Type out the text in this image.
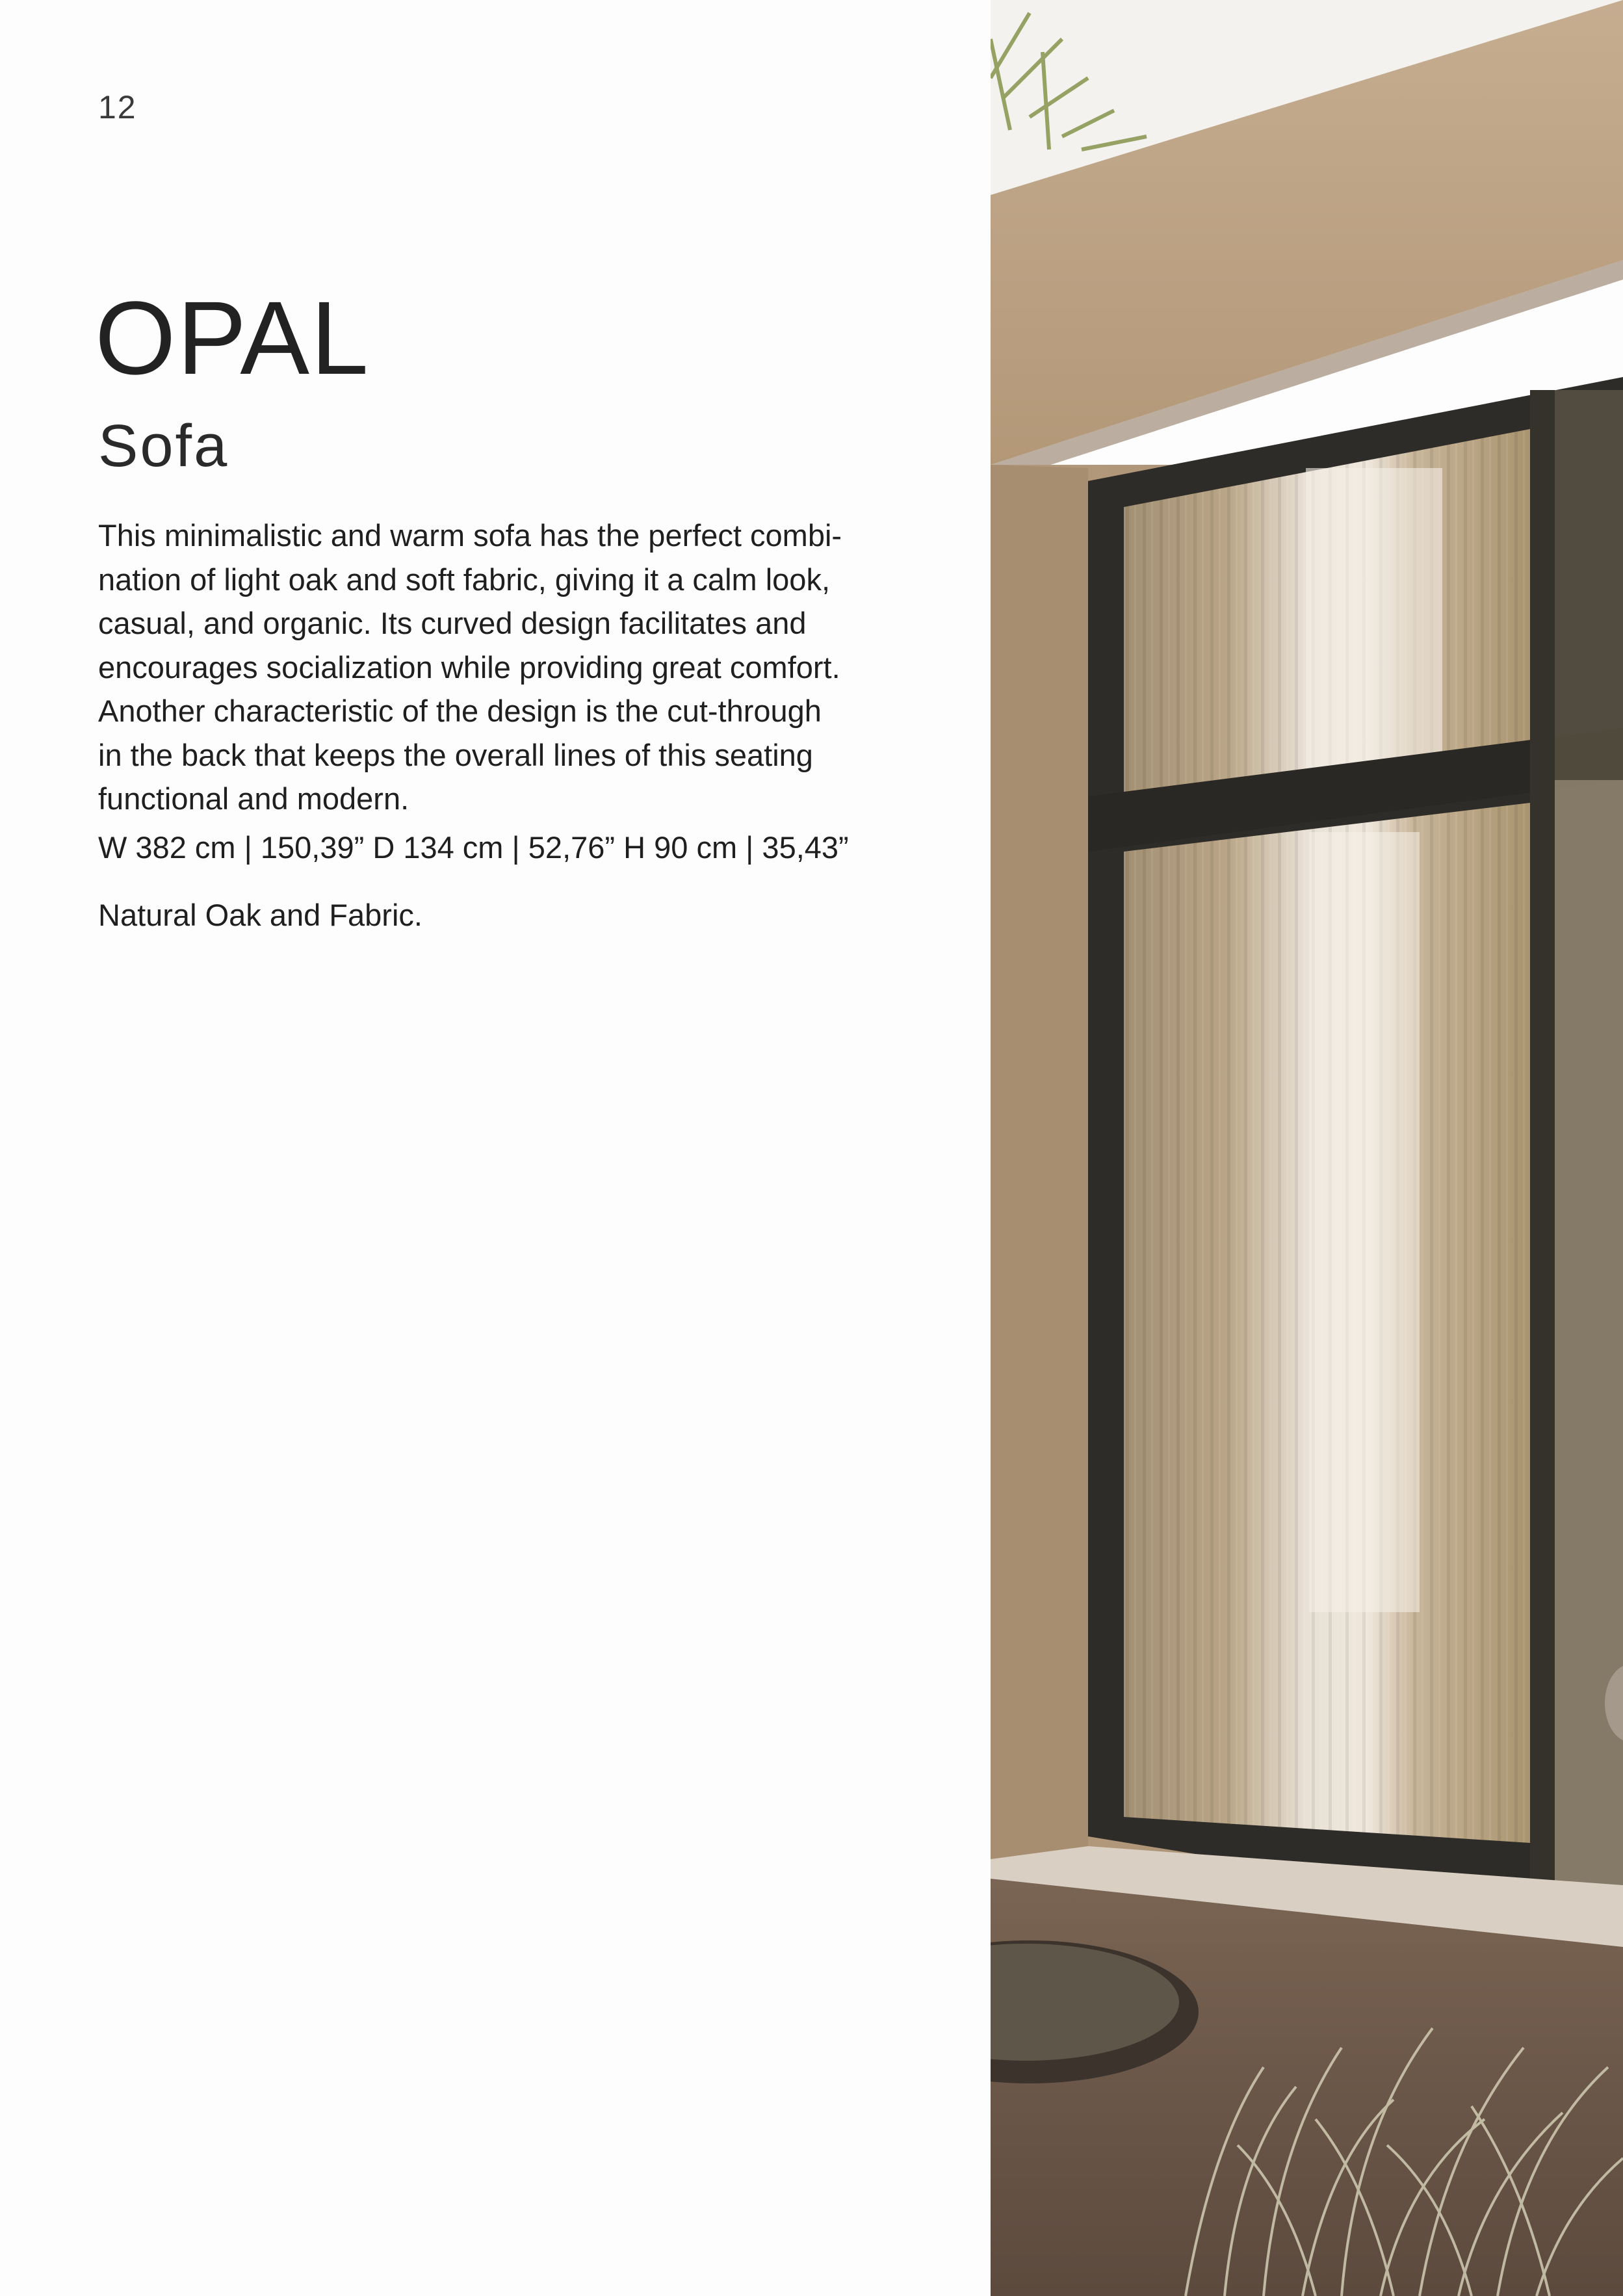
12
OPAL
Sofa

This minimalistic and warm sofa has the perfect combi-
nation of light oak and soft fabric, giving it a calm look,
casual, and organic. Its curved design facilitates and
encourages socialization while providing great comfort.
Another characteristic of the design is the cut-through
in the back that keeps the overall lines of this seating
functional and modern.

W 382 cm | 150,39” D 134 cm | 52,76” H 90 cm | 35,43”

Natural Oak and Fabric.
